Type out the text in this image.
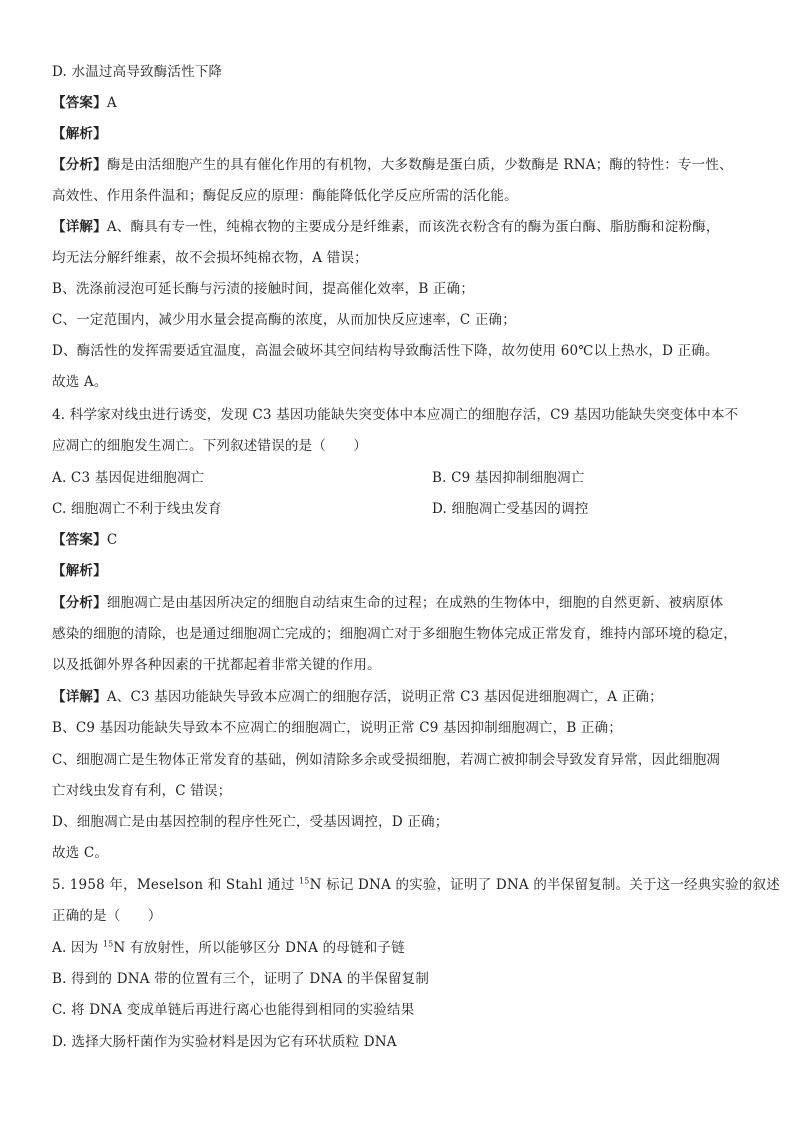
D. 水温过高导致酶活性下降
【答案】A
【解析】
【分析】酶是由活细胞产生的具有催化作用的有机物，大多数酶是蛋白质，少数酶是 RNA；酶的特性：专一性、
高效性、作用条件温和；酶促反应的原理：酶能降低化学反应所需的活化能。
【详解】A、酶具有专一性，纯棉衣物的主要成分是纤维素，而该洗衣粉含有的酶为蛋白酶、脂肪酶和淀粉酶，
均无法分解纤维素，故不会损坏纯棉衣物，A 错误；
B、洗涤前浸泡可延长酶与污渍的接触时间，提高催化效率，B 正确；
C、一定范围内，减少用水量会提高酶的浓度，从而加快反应速率，C 正确；
D、酶活性的发挥需要适宜温度，高温会破坏其空间结构导致酶活性下降，故勿使用 60℃以上热水，D 正确。
故选 A。
4. 科学家对线虫进行诱变，发现 C3 基因功能缺失突变体中本应凋亡的细胞存活，C9 基因功能缺失突变体中本不
应凋亡的细胞发生凋亡。下列叙述错误的是（　　）
A. C3 基因促进细胞凋亡	B. C9 基因抑制细胞凋亡
C. 细胞凋亡不利于线虫发育	D. 细胞凋亡受基因的调控
【答案】C
【解析】
【分析】细胞凋亡是由基因所决定的细胞自动结束生命的过程；在成熟的生物体中，细胞的自然更新、被病原体
感染的细胞的清除，也是通过细胞凋亡完成的；细胞凋亡对于多细胞生物体完成正常发育，维持内部环境的稳定，
以及抵御外界各种因素的干扰都起着非常关键的作用。
【详解】A、C3 基因功能缺失导致本应凋亡的细胞存活，说明正常 C3 基因促进细胞凋亡，A 正确；
B、C9 基因功能缺失导致本不应凋亡的细胞凋亡，说明正常 C9 基因抑制细胞凋亡，B 正确；
C、细胞凋亡是生物体正常发育的基础，例如清除多余或受损细胞，若凋亡被抑制会导致发育异常，因此细胞凋
亡对线虫发育有利，C 错误；
D、细胞凋亡是由基因控制的程序性死亡，受基因调控，D 正确；
故选 C。
5. 1958 年，Meselson 和 Stahl 通过 $^{15}$N 标记 DNA 的实验，证明了 DNA 的半保留复制。关于这一经典实验的叙述
正确的是（　　）
A. 因为 $^{15}$N 有放射性，所以能够区分 DNA 的母链和子链
B. 得到的 DNA 带的位置有三个，证明了 DNA 的半保留复制
C. 将 DNA 变成单链后再进行离心也能得到相同的实验结果
D. 选择大肠杆菌作为实验材料是因为它有环状质粒 DNA
